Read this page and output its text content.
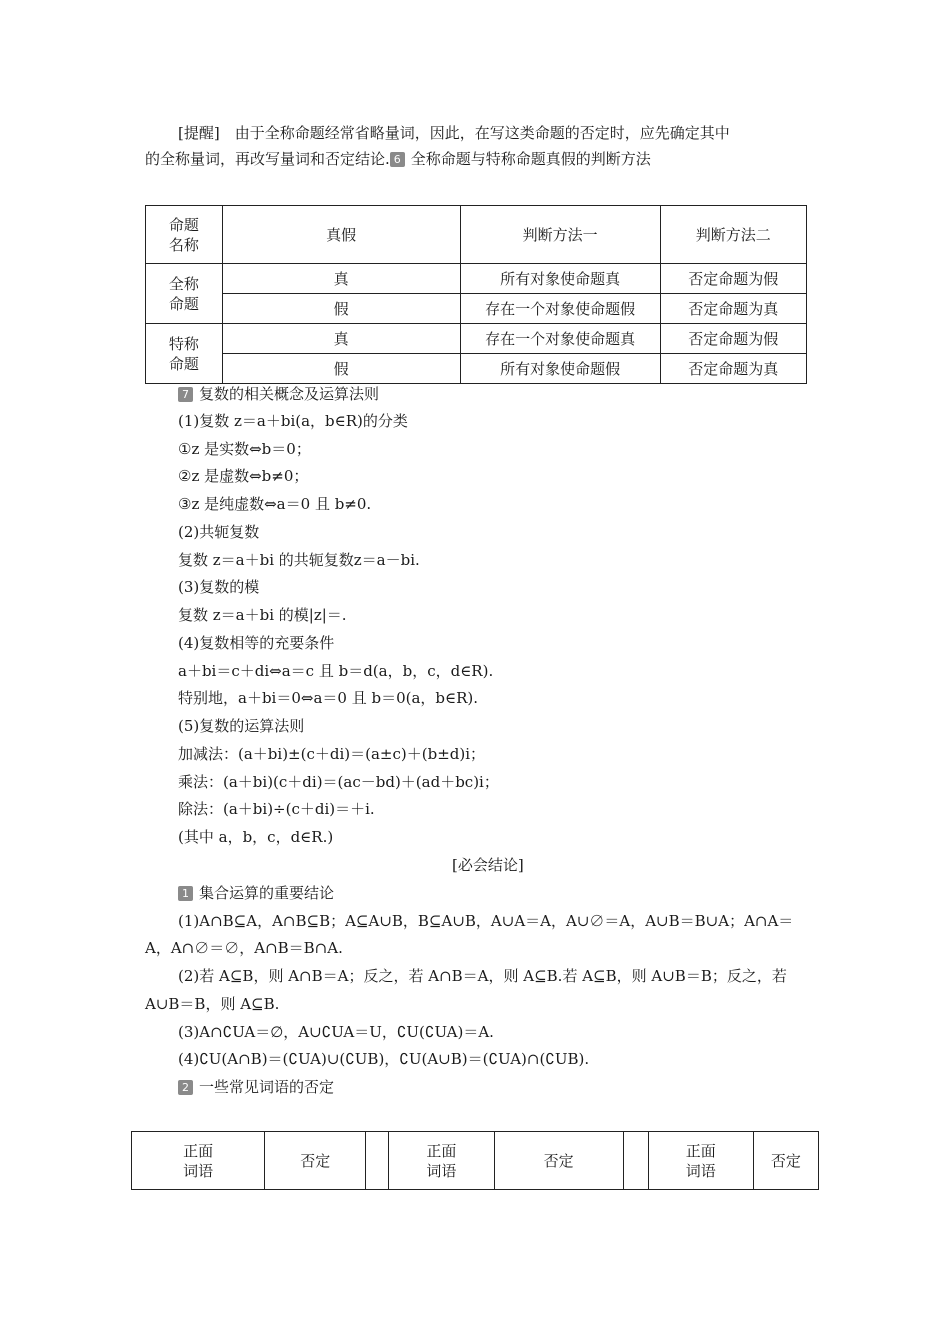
[提醒]　由于全称命题经常省略量词，因此，在写这类命题的否定时，应先确定其中
的全称量词，再改写量词和否定结论. 6 全称命题与特称命题真假的判断方法
命题
名称	真假	判断方法一	判断方法二
全称
命题	真	所有对象使命题真	否定命题为假
	假	存在一个对象使命题假	否定命题为真
特称
命题	真	存在一个对象使命题真	否定命题为假
	假	所有对象使命题假	否定命题为真
7 复数的相关概念及运算法则
(1)复数 z＝a＋bi(a，b∈R)的分类
①z 是实数⇔b＝0；
②z 是虚数⇔b≠0；
③z 是纯虚数⇔a＝0 且 b≠0.
(2)共轭复数
复数 z＝a＋bi 的共轭复数z＝a－bi.
(3)复数的模
复数 z＝a＋bi 的模|z|＝.
(4)复数相等的充要条件
a＋bi＝c＋di⇔a＝c 且 b＝d(a，b，c，d∈R).
特别地，a＋bi＝0⇔a＝0 且 b＝0(a，b∈R).
(5)复数的运算法则
加减法：(a＋bi)±(c＋di)＝(a±c)＋(b±d)i；
乘法：(a＋bi)(c＋di)＝(ac－bd)＋(ad＋bc)i；
除法：(a＋bi)÷(c＋di)＝＋i.
(其中 a，b，c，d∈R.)
[必会结论]
1 集合运算的重要结论
(1)A∩B⊆A，A∩B⊆B；A⊆A∪B，B⊆A∪B，A∪A＝A，A∪∅＝A，A∪B＝B∪A；A∩A＝
A，A∩∅＝∅，A∩B＝B∩A.
(2)若 A⊆B，则 A∩B＝A；反之，若 A∩B＝A，则 A⊆B.若 A⊆B，则 A∪B＝B；反之，若
A∪B＝B，则 A⊆B.
(3)A∩∁UA＝∅，A∪∁UA＝U，∁U(∁UA)＝A.
(4)∁U(A∩B)＝(∁UA)∪(∁UB)，∁U(A∪B)＝(∁UA)∩(∁UB).
2 一些常见词语的否定
正面
词语	否定		正面
词语	否定		正面
词语	否定
